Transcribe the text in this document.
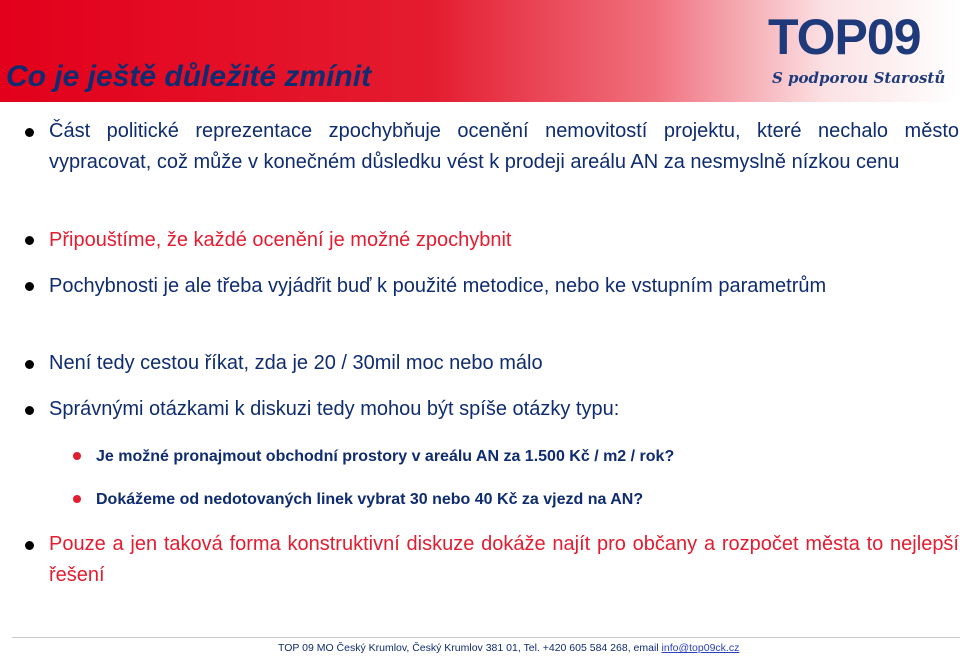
Co je ještě důležité zmínit
TOP09
S podporou Starostů
Část politické reprezentace zpochybňuje ocenění nemovitostí projektu, které nechalo město vypracovat, což může v konečném důsledku vést k prodeji areálu AN za nesmyslně nízkou cenu
Připouštíme, že každé ocenění je možné zpochybnit
Pochybnosti je ale třeba vyjádřit buď k použité metodice, nebo ke vstupním parametrům
Není tedy cestou říkat, zda je 20 / 30mil moc nebo málo
Správnými otázkami k diskuzi tedy mohou být spíše otázky typu:
Je možné pronajmout obchodní prostory v areálu AN za 1.500 Kč / m2 / rok?
Dokážeme od nedotovaných linek vybrat 30 nebo 40 Kč za vjezd na AN?
Pouze a jen taková forma konstruktivní diskuze dokáže najít pro občany a rozpočet města to nejlepší řešení
TOP 09 MO Český Krumlov, Český Krumlov 381 01, Tel. +420 605 584 268, email info@top09ck.cz
